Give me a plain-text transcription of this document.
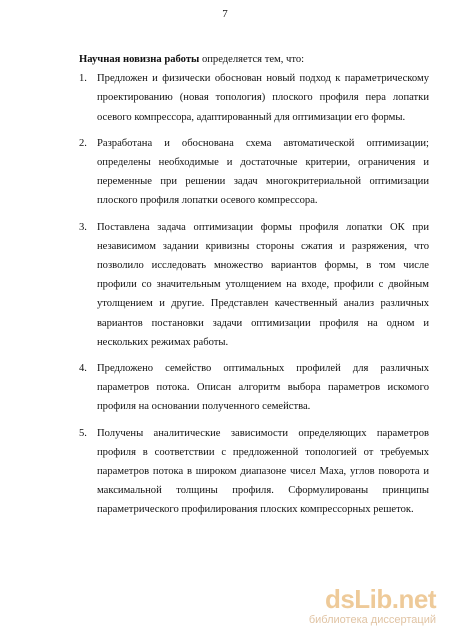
7

Научная новизна работы определяется тем, что:

1. Предложен и физически обоснован новый подход к параметрическому проектированию (новая топология) плоского профиля пера лопатки осевого компрессора, адаптированный для оптимизации его формы.
2. Разработана и обоснована схема автоматической оптимизации; определены необходимые и достаточные критерии, ограничения и переменные при решении задач многокритериальной оптимизации плоского профиля лопатки осевого компрессора.
3. Поставлена задача оптимизации формы профиля лопатки ОК при независимом задании кривизны стороны сжатия и разряжения, что позволило исследовать множество вариантов формы, в том числе профили со значительным утолщением на входе, профили с двойным утолщением и другие. Представлен качественный анализ различных вариантов постановки задачи оптимизации профиля на одном и нескольких режимах работы.
4. Предложено семейство оптимальных профилей для различных параметров потока. Описан алгоритм выбора параметров искомого профиля на основании полученного семейства.
5. Получены аналитические зависимости определяющих параметров профиля в соответствии с предложенной топологией от требуемых параметров потока в широком диапазоне чисел Маха, углов поворота и максимальной толщины профиля. Сформулированы принципы параметрического профилирования плоских компрессорных решеток.
dsLib.net
библиотека диссертаций
